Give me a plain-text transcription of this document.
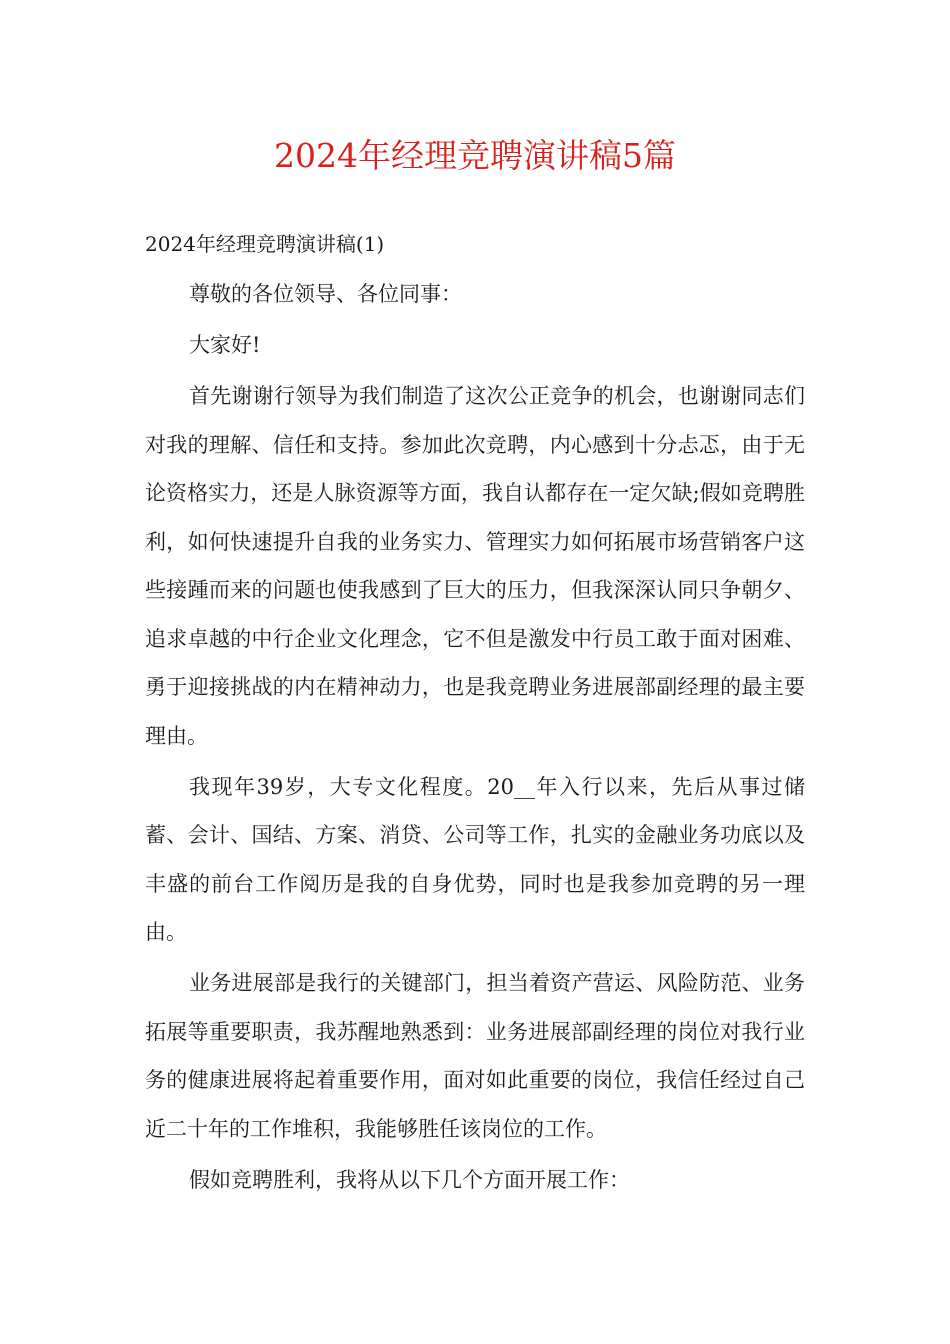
2024年经理竞聘演讲稿5篇

2024年经理竞聘演讲稿(1)

尊敬的各位领导、各位同事：

大家好!

首先谢谢行领导为我们制造了这次公正竞争的机会，也谢谢同志们对我的理解、信任和支持。参加此次竞聘，内心感到十分忐忑，由于无论资格实力，还是人脉资源等方面，我自认都存在一定欠缺;假如竞聘胜利，如何快速提升自我的业务实力、管理实力如何拓展市场营销客户这些接踵而来的问题也使我感到了巨大的压力，但我深深认同只争朝夕、追求卓越的中行企业文化理念，它不但是激发中行员工敢于面对困难、勇于迎接挑战的内在精神动力，也是我竞聘业务进展部副经理的最主要理由。

我现年39岁，大专文化程度。20__年入行以来，先后从事过储蓄、会计、国结、方案、消贷、公司等工作，扎实的金融业务功底以及丰盛的前台工作阅历是我的自身优势，同时也是我参加竞聘的另一理由。

业务进展部是我行的关键部门，担当着资产营运、风险防范、业务拓展等重要职责，我苏醒地熟悉到：业务进展部副经理的岗位对我行业务的健康进展将起着重要作用，面对如此重要的岗位，我信任经过自己近二十年的工作堆积，我能够胜任该岗位的工作。

假如竞聘胜利，我将从以下几个方面开展工作：
